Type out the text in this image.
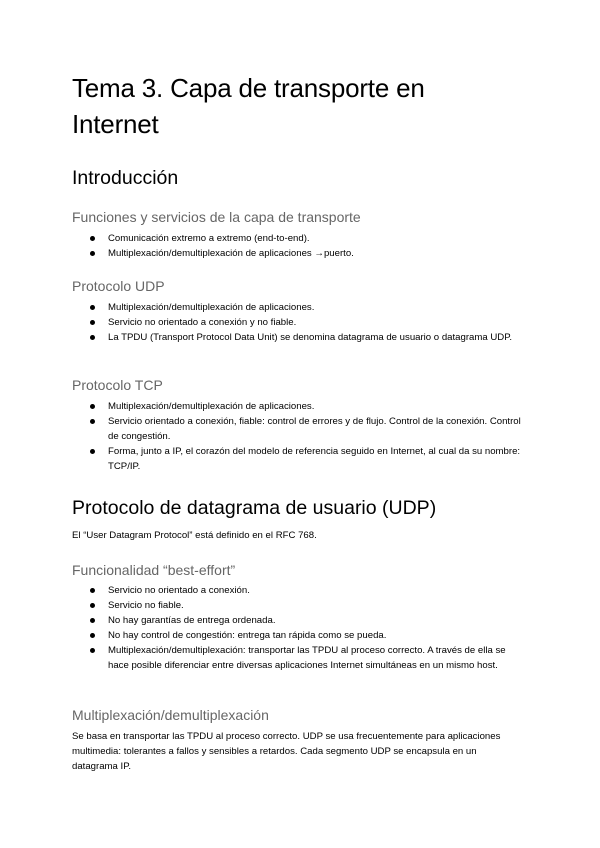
Tema 3. Capa de transporte en Internet
Introducción
Funciones y servicios de la capa de transporte
Comunicación extremo a extremo (end-to-end).
Multiplexación/demultiplexación de aplicaciones →puerto.
Protocolo UDP
Multiplexación/demultiplexación de aplicaciones.
Servicio no orientado a conexión y no fiable.
La TPDU (Transport Protocol Data Unit) se denomina datagrama de usuario o datagrama UDP.
Protocolo TCP
Multiplexación/demultiplexación de aplicaciones.
Servicio orientado a conexión, fiable: control de errores y de flujo. Control de la conexión. Control de congestión.
Forma, junto a IP, el corazón del modelo de referencia seguido en Internet, al cual da su nombre: TCP/IP.
Protocolo de datagrama de usuario (UDP)

El “User Datagram Protocol” está definido en el RFC 768.

Funcionalidad “best-effort”
Servicio no orientado a conexión.
Servicio no fiable.
No hay garantías de entrega ordenada.
No hay control de congestión: entrega tan rápida como se pueda.
Multiplexación/demultiplexación: transportar las TPDU al proceso correcto. A través de ella se hace posible diferenciar entre diversas aplicaciones Internet simultáneas en un mismo host.
Multiplexación/demultiplexación

Se basa en transportar las TPDU al proceso correcto. UDP se usa frecuentemente para aplicaciones multimedia: tolerantes a fallos y sensibles a retardos. Cada segmento UDP se encapsula en un datagrama IP.
